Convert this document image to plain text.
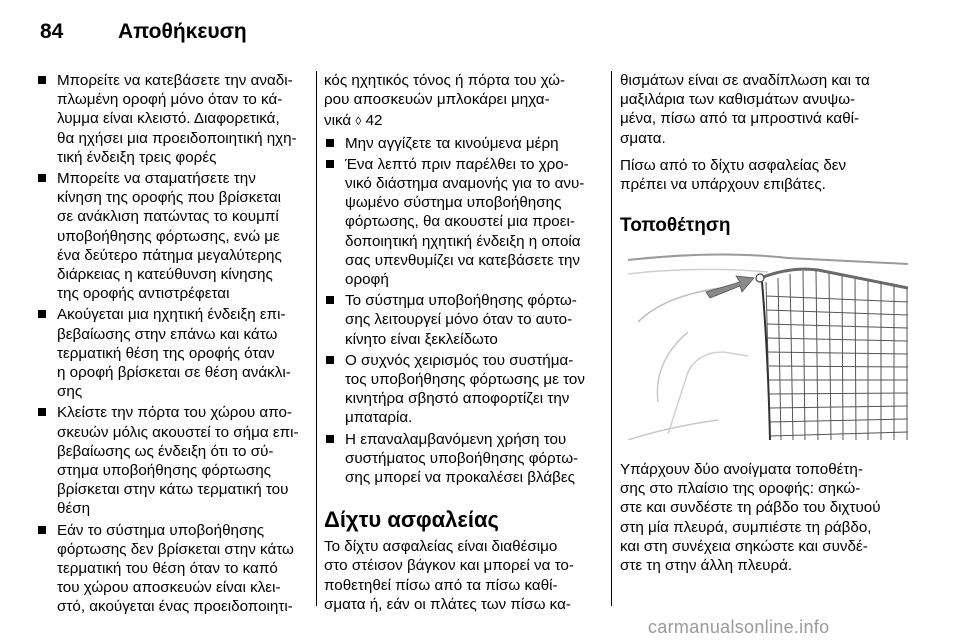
84	Αποθήκευση
Μπορείτε να κατεβάσετε την αναδι-
πλωμένη οροφή μόνο όταν το κά-
λυμμα είναι κλειστό. Διαφορετικά,
θα ηχήσει μια προειδοποιητική ηχη-
τική ένδειξη τρεις φορές
Μπορείτε να σταματήσετε την
κίνηση της οροφής που βρίσκεται
σε ανάκλιση πατώντας το κουμπί
υποβοήθησης φόρτωσης, ενώ με
ένα δεύτερο πάτημα μεγαλύτερης
διάρκειας η κατεύθυνση κίνησης
της οροφής αντιστρέφεται
Ακούγεται μια ηχητική ένδειξη επι-
βεβαίωσης στην επάνω και κάτω
τερματική θέση της οροφής όταν
η οροφή βρίσκεται σε θέση ανάκλι-
σης
Κλείστε την πόρτα του χώρου απο-
σκευών μόλις ακουστεί το σήμα επι-
βεβαίωσης ως ένδειξη ότι το σύ-
στημα υποβοήθησης φόρτωσης
βρίσκεται στην κάτω τερματική του
θέση
Εάν το σύστημα υποβοήθησης
φόρτωσης δεν βρίσκεται στην κάτω
τερματική του θέση όταν το καπό
του χώρου αποσκευών είναι κλει-
στό, ακούγεται ένας προειδοποιητι-
κός ηχητικός τόνος ή πόρτα του χώ-
ρου αποσκευών μπλοκάρει μηχα-
νικά ◊ 42
Μην αγγίζετε τα κινούμενα μέρη
Ένα λεπτό πριν παρέλθει το χρο-
νικό διάστημα αναμονής για το ανυ-
ψωμένο σύστημα υποβοήθησης
φόρτωσης, θα ακουστεί μια προει-
δοποιητική ηχητική ένδειξη η οποία
σας υπενθυμίζει να κατεβάσετε την
οροφή
Το σύστημα υποβοήθησης φόρτω-
σης λειτουργεί μόνο όταν το αυτο-
κίνητο είναι ξεκλείδωτο
Ο συχνός χειρισμός του συστήμα-
τος υποβοήθησης φόρτωσης με τον
κινητήρα σβηστό αποφορτίζει την
μπαταρία.
Η επαναλαμβανόμενη χρήση του
συστήματος υποβοήθησης φόρτω-
σης μπορεί να προκαλέσει βλάβες
Δίχτυ ασφαλείας
Το δίχτυ ασφαλείας είναι διαθέσιμο
στο στέισον βάγκον και μπορεί να το-
ποθετηθεί πίσω από τα πίσω καθί-
σματα ή, εάν οι πλάτες των πίσω κα-
θισμάτων είναι σε αναδίπλωση και τα
μαξιλάρια των καθισμάτων ανυψω-
μένα, πίσω από τα μπροστινά καθί-
σματα.
Πίσω από το δίχτυ ασφαλείας δεν
πρέπει να υπάρχουν επιβάτες.
Τοποθέτηση
Υπάρχουν δύο ανοίγματα τοποθέτη-
σης στο πλαίσιο της οροφής: σηκώ-
στε και συνδέστε τη ράβδο του διχτυού
στη μία πλευρά, συμπιέστε τη ράβδο,
και στη συνέχεια σηκώστε και συνδέ-
στε τη στην άλλη πλευρά.
carmanualsonline.info
